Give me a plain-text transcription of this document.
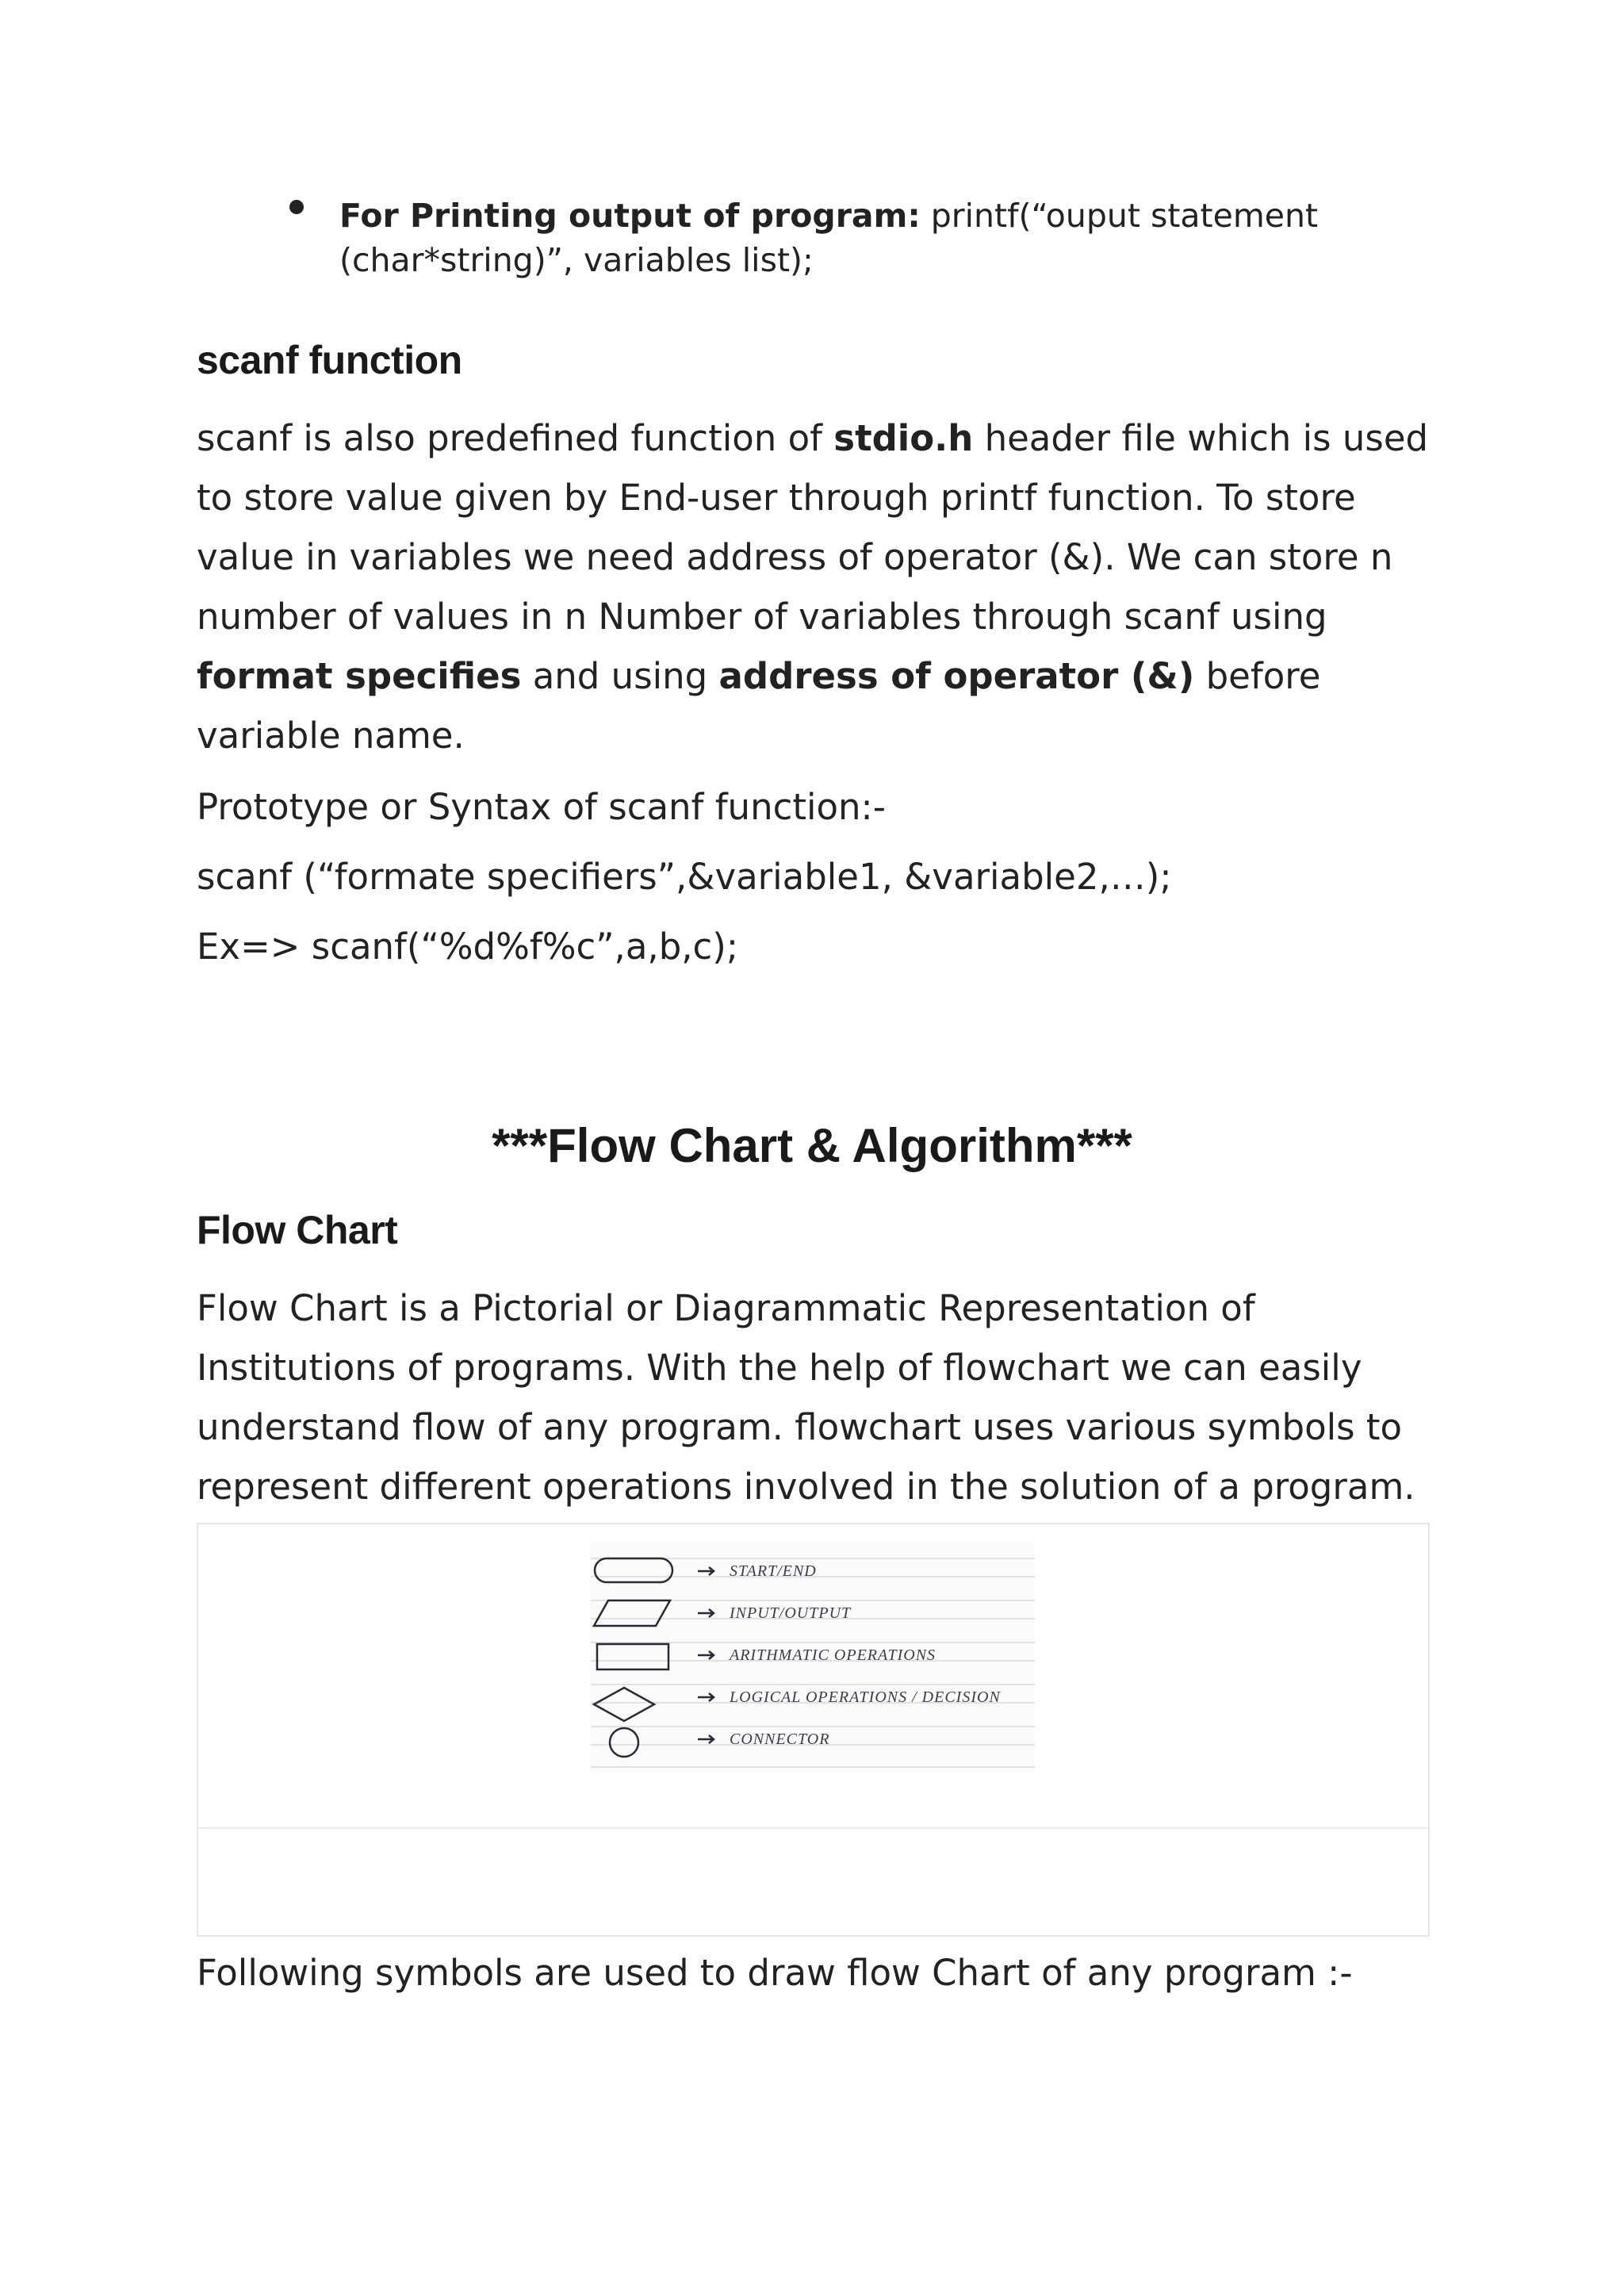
For Printing output of program: printf(“ouput statement
(char*string)”, variables list);
scanf function
scanf is also predefined function of stdio.h header file which is used to store value given by End-user through printf function. To store value in variables we need address of operator (&). We can store n number of values in n Number of variables through scanf using format specifies and using address of operator (&) before variable name.
Prototype or Syntax of scanf function:-
scanf (“formate specifiers”,&variable1, &variable2,…);
Ex=> scanf(“%d%f%c”,a,b,c);
***Flow Chart & Algorithm***
Flow Chart
Flow Chart is a Pictorial or Diagrammatic Representation of Institutions of programs. With the help of flowchart we can easily understand flow of any program. flowchart uses various symbols to represent different operations involved in the solution of a program.
START/END
INPUT/OUTPUT
ARITHMATIC OPERATIONS
LOGICAL OPERATIONS / DECISION
CONNECTOR
Following symbols are used to draw flow Chart of any program :-
